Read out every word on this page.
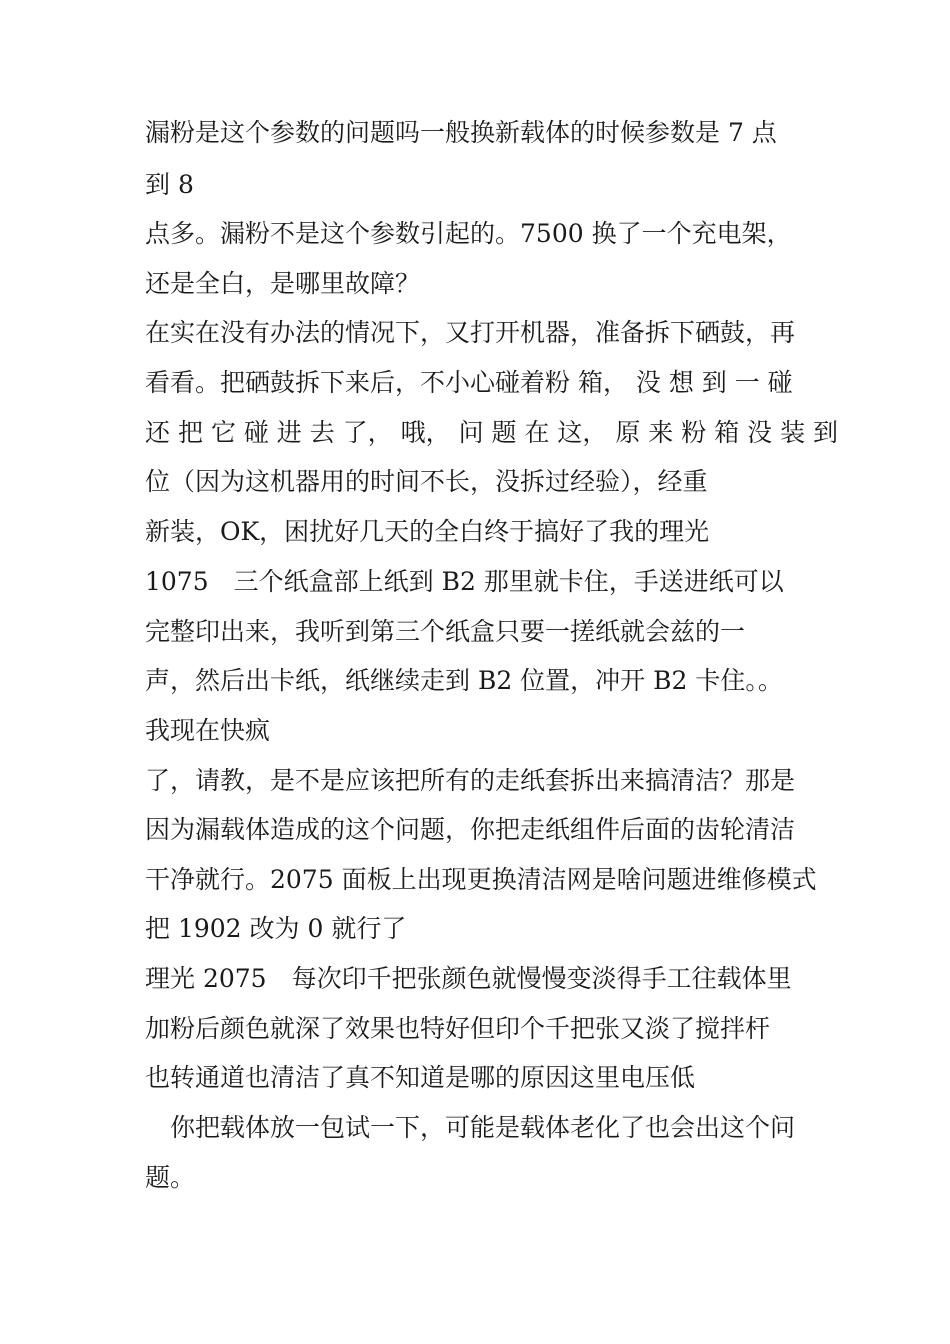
漏粉是这个参数的问题吗一般换新载体的时候参数是 7 点
到 8
点多。漏粉不是这个参数引起的。7500 换了一个充电架，
还是全白，是哪里故障？
在实在没有办法的情况下，又打开机器，准备拆下硒鼓，再
看看。把硒鼓拆下来后，不小心碰着粉 箱， 没 想 到 一 碰
还 把 它 碰 进 去 了， 哦， 问 题 在 这， 原 来 粉 箱 没 装 到
位（因为这机器用的时间不长，没拆过经验），经重
新装，OK，困扰好几天的全白终于搞好了我的理光
1075　三个纸盒部上纸到 B2 那里就卡住，手送进纸可以
完整印出来，我听到第三个纸盒只要一搓纸就会兹的一
声，然后出卡纸，纸继续走到 B2 位置，冲开 B2 卡住。。
我现在快疯
了，请教，是不是应该把所有的走纸套拆出来搞清洁？那是
因为漏载体造成的这个问题，你把走纸组件后面的齿轮清洁
干净就行。2075 面板上出现更换清洁网是啥问题进维修模式
把 1902 改为 0 就行了
理光 2075　每次印千把张颜色就慢慢变淡得手工往载体里
加粉后颜色就深了效果也特好但印个千把张又淡了搅拌杆
也转通道也清洁了真不知道是哪的原因这里电压低
你把载体放一包试一下，可能是载体老化了也会出这个问
题。
